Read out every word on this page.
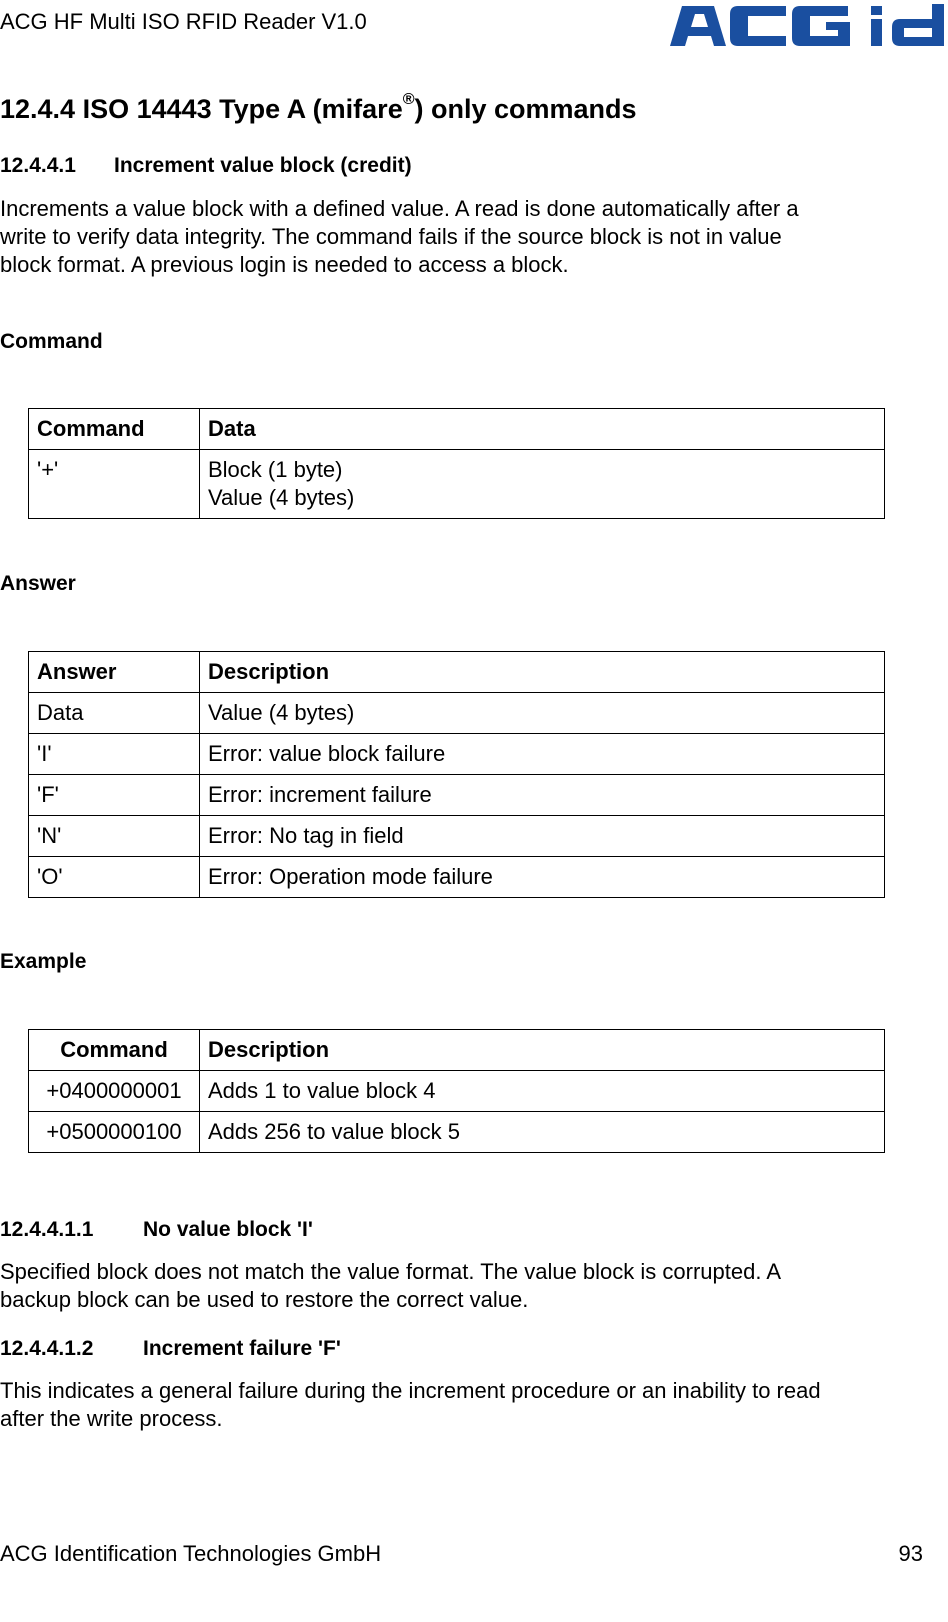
ACG HF Multi ISO RFID Reader V1.0
12.4.4 ISO 14443 Type A (mifare®) only commands
12.4.4.1 Increment value block (credit)
Increments a value block with a defined value. A read is done automatically after a
write to verify data integrity. The command fails if the source block is not in value
block format. A previous login is needed to access a block.
Command
Command	Data
'+'	Block (1 byte)
Value (4 bytes)
Answer
Answer	Description
Data	Value (4 bytes)
'I'	Error: value block failure
'F'	Error: increment failure
'N'	Error: No tag in field
'O'	Error: Operation mode failure
Example
Command	Description
+0400000001	Adds 1 to value block 4
+0500000100	Adds 256 to value block 5
12.4.4.1.1 No value block 'I'
Specified block does not match the value format. The value block is corrupted. A
backup block can be used to restore the correct value.
12.4.4.1.2 Increment failure 'F'
This indicates a general failure during the increment procedure or an inability to read
after the write process.
ACG Identification Technologies GmbH	93
